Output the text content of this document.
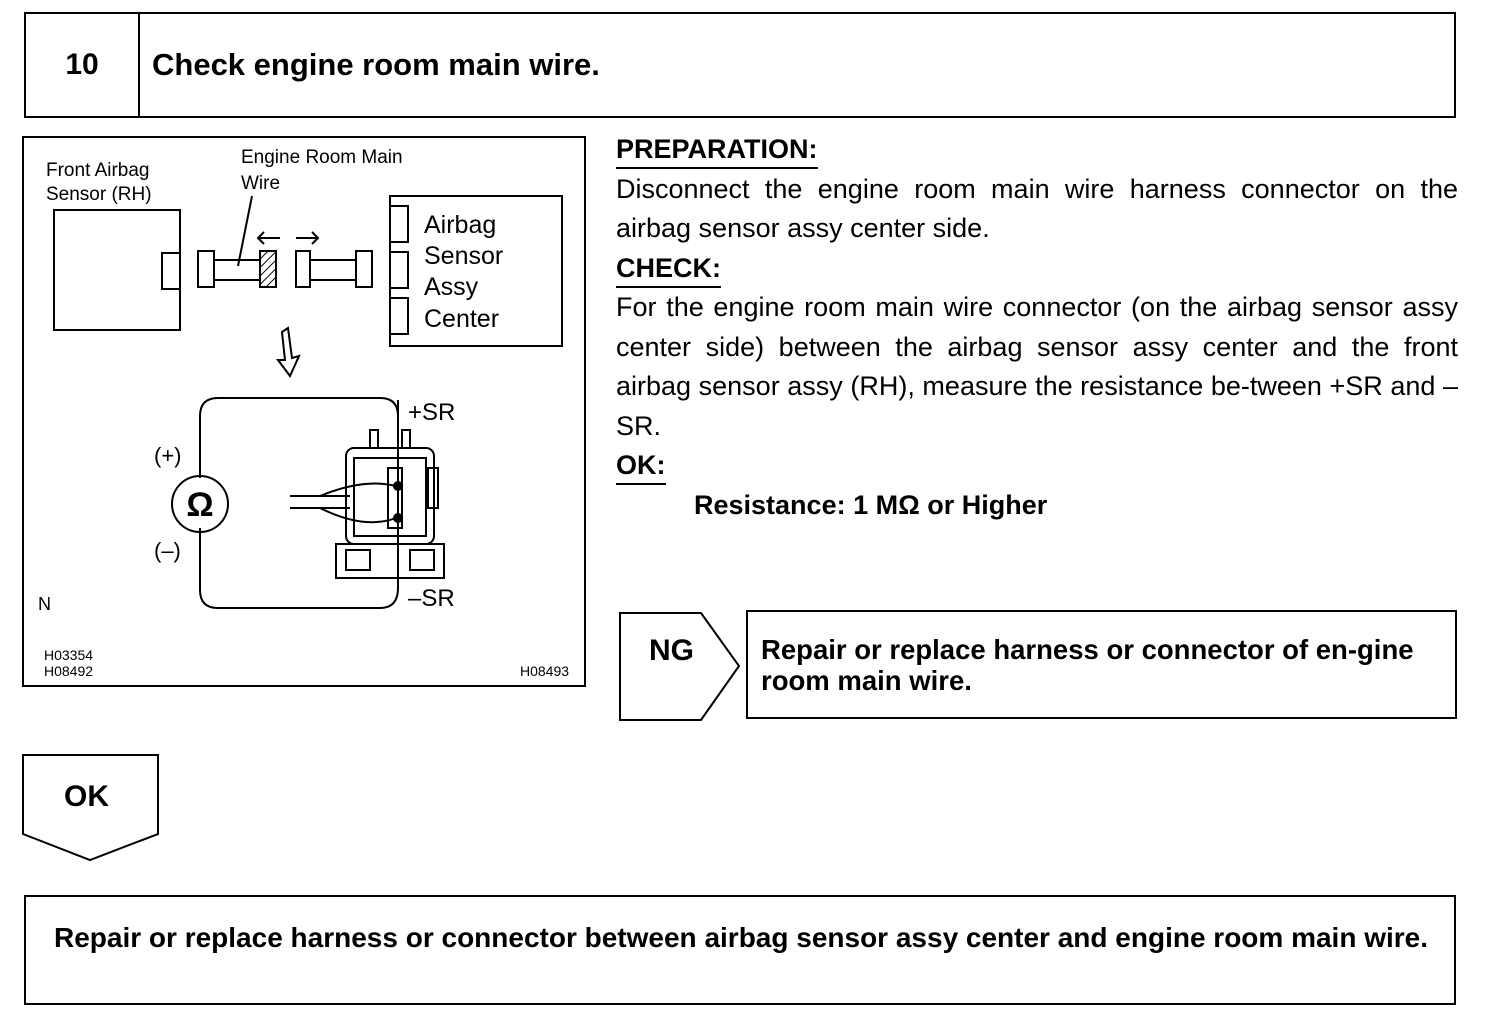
10	Check engine room main wire.
Front Airbag
Sensor (RH)
Engine Room Main
Wire
Airbag
Sensor
Assy
Center
Ω
(+)
(–)
+SR
–SR
N
H03354
H08492	H08493
PREPARATION:
Disconnect the engine room main wire harness connector on the airbag sensor assy center side.
CHECK:
For the engine room main wire connector (on the airbag sensor assy center side) between the airbag sensor assy center and the front airbag sensor assy (RH), measure the resistance be-tween +SR and –SR.
OK:
Resistance: 1 MΩ or Higher
NG Repair or replace harness or connector of en-gine room main wire.
OK
Repair or replace harness or connector between airbag sensor assy center and engine room main wire.
